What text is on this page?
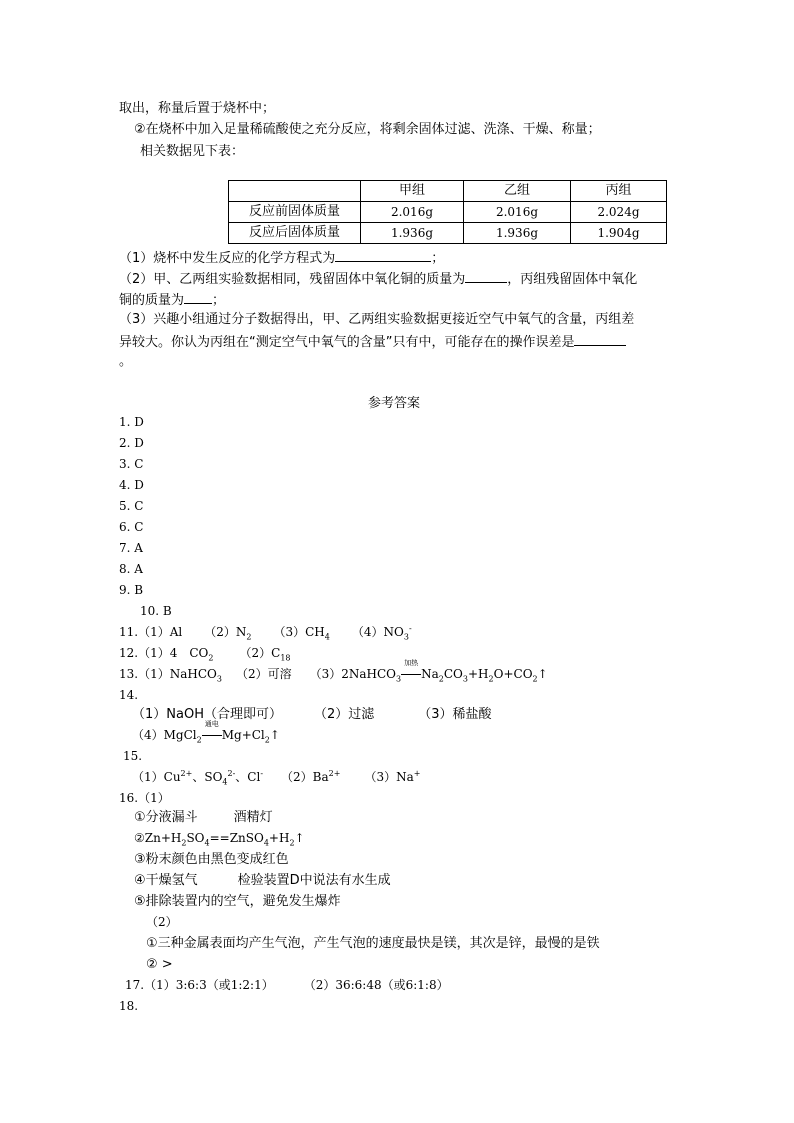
取出，称量后置于烧杯中；
②在烧杯中加入足量稀硫酸使之充分反应，将剩余固体过滤、洗涤、干燥、称量；
相关数据见下表：
	甲组	乙组	丙组
反应前固体质量	2.016g	2.016g	2.024g
反应后固体质量	1.936g	1.936g	1.904g
（1）烧杯中发生反应的化学方程式为	；
（2）甲、乙两组实验数据相同，残留固体中氧化铜的质量为	，丙组残留固体中氧化
铜的质量为 ；
（3）兴趣小组通过分子数据得出，甲、乙两组实验数据更接近空气中氧气的含量，丙组差
异较大。你认为丙组在“测定空气中氧气的含量”只有中，可能存在的操作误差是
。
参考答案
1. D
2. D
3. C
4. D
5. C
6. C
7. A
8. A
9. B
10. B
11.（1）Al $(2)N_2$ $(3)CH_4$ $(4)NO_3^-$
12.（1）4　$CO_2$ $(2)C_{18}$
13.（1）NaHCO$_3$ （2）可溶 （3）2NaHCO$_3$
加热
$Na_2CO_3+H_2O+CO_2↑$
14.
（1）NaOH（合理即可） （2）过滤	（3）稀盐酸
（4）MgCl$_2$
通电
$Mg+Cl_2↑$
15.
$(1)Cu^{2+}$、$SO_4^{2-}$、Cl- $(2)Ba^{2+}$ （3）Na+
16.（1）
①分液漏斗	酒精灯
$②Zn+H_2SO_4==ZnSO_4+H_2↑$
③粉末颜色由黑色变成红色
④干燥氢气	检验装置D中说法有水生成
⑤排除装置内的空气，避免发生爆炸
（2）
①三种金属表面均产生气泡，产生气泡的速度最快是镁，其次是锌，最慢的是铁
② >
17.（1）3:6:3（或1:2:1）	（2）36:6:48（或6:1:8）
18.
